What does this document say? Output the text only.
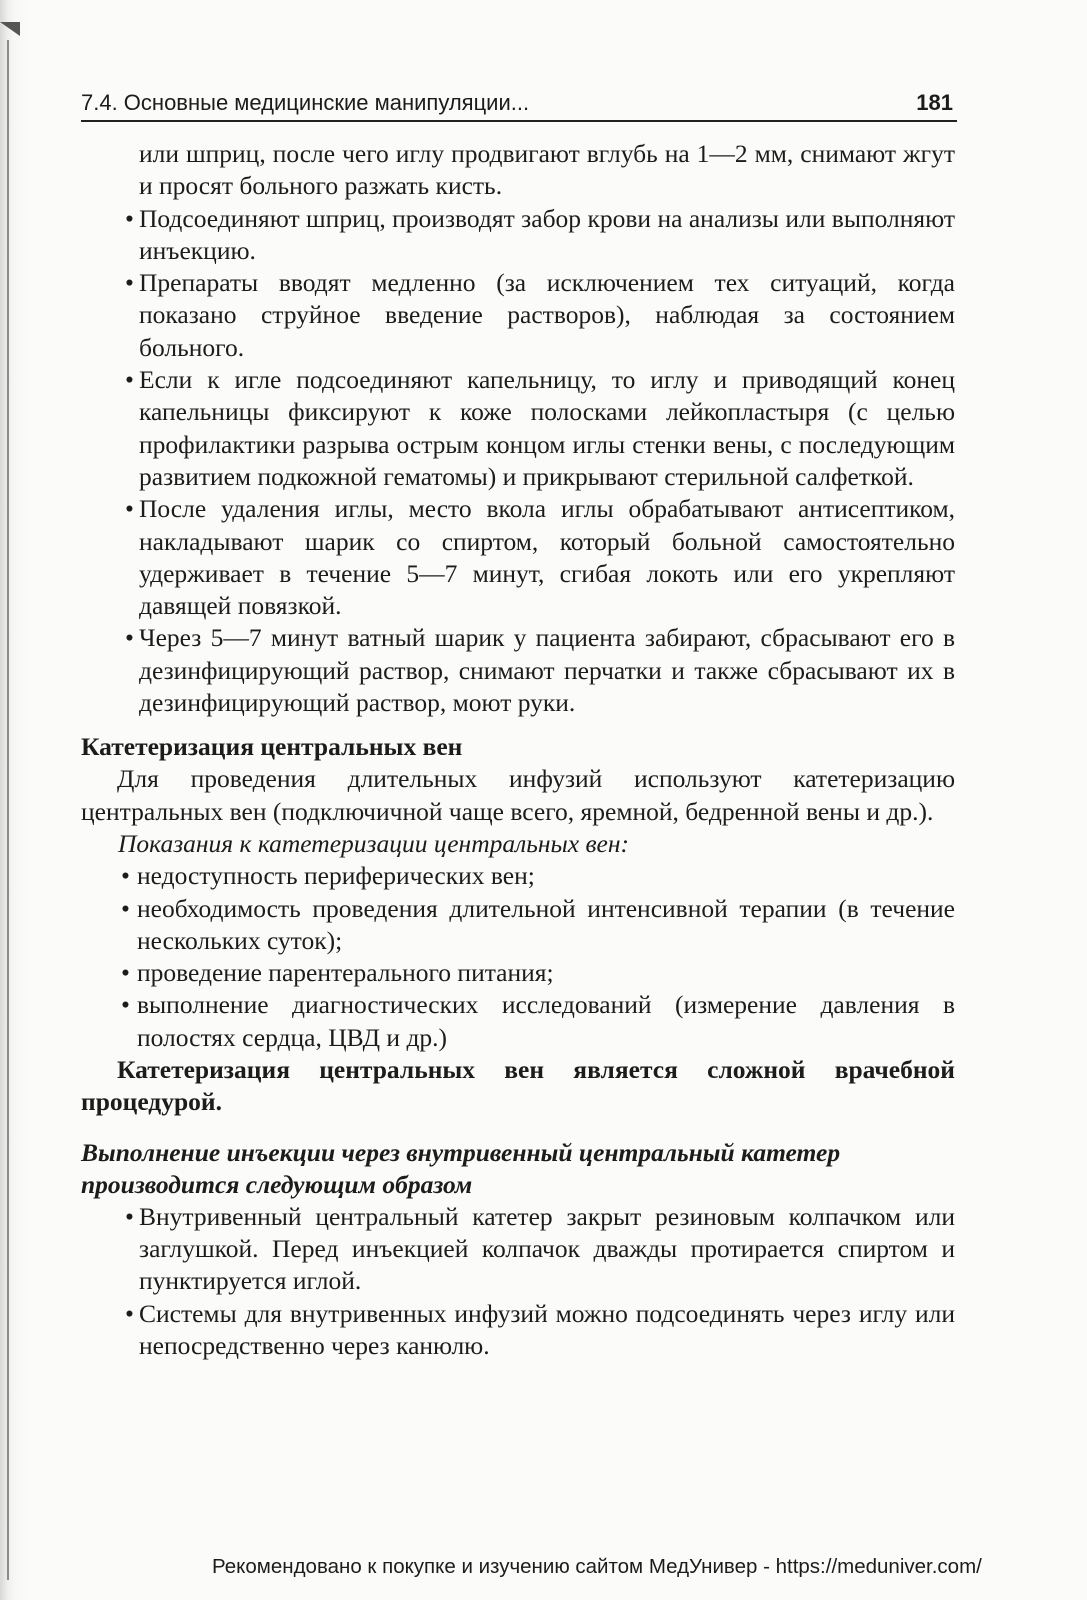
7.4. Основные медицинские манипуляции...	181

или шприц, после чего иглу продвигают вглубь на 1—2 мм, снимают жгут и просят больного разжать кисть.

• Подсоединяют шприц, производят забор крови на анализы или выполняют инъекцию.

• Препараты вводят медленно (за исключением тех ситуаций, когда показано струйное введение растворов), наблюдая за состоянием больного.

• Если к игле подсоединяют капельницу, то иглу и приводящий конец капельницы фиксируют к коже полосками лейкопластыря (с целью профилактики разрыва острым концом иглы стенки вены, с последующим развитием подкожной гематомы) и прикрывают стерильной салфеткой.

• После удаления иглы, место вкола иглы обрабатывают антисептиком, накладывают шарик со спиртом, который больной самостоятельно удерживает в течение 5—7 минут, сгибая локоть или его укрепляют давящей повязкой.

• Через 5—7 минут ватный шарик у пациента забирают, сбрасывают его в дезинфицирующий раствор, снимают перчатки и также сбрасывают их в дезинфицирующий раствор, моют руки.

Катетеризация центральных вен

Для проведения длительных инфузий используют катетеризацию центральных вен (подключичной чаще всего, яремной, бедренной вены и др.).

Показания к катетеризации центральных вен:

• недоступность периферических вен;

• необходимость проведения длительной интенсивной терапии (в течение нескольких суток);

• проведение парентерального питания;

• выполнение диагностических исследований (измерение давления в полостях сердца, ЦВД и др.)

Катетеризация центральных вен является сложной врачебной процедурой.

Выполнение инъекции через внутривенный центральный катетер производится следующим образом

• Внутривенный центральный катетер закрыт резиновым колпачком или заглушкой. Перед инъекцией колпачок дважды протирается спиртом и пунктируется иглой.

• Системы для внутривенных инфузий можно подсоединять через иглу или непосредственно через канюлю.

Рекомендовано к покупке и изучению сайтом МедУнивер - https://meduniver.com/
